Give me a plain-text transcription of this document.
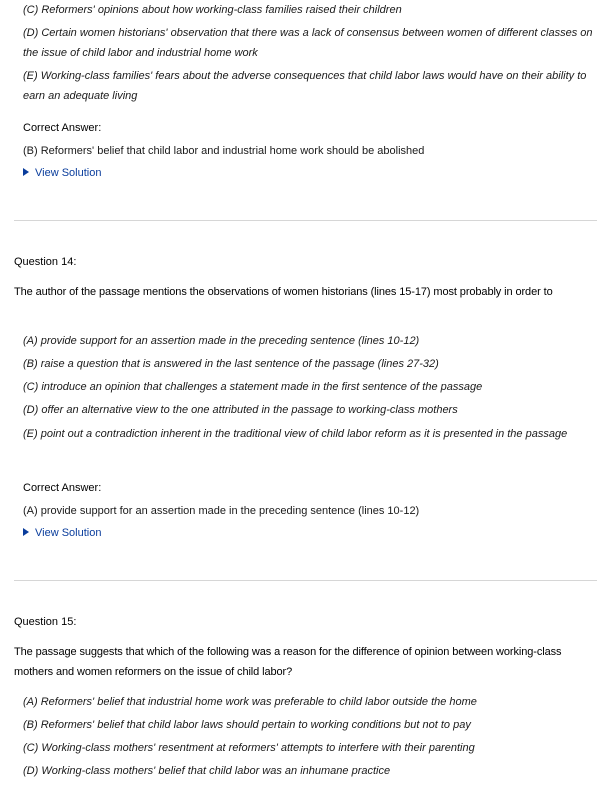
(C) Reformers' opinions about how working-class families raised their children
(D) Certain women historians' observation that there was a lack of consensus between women of different classes on the issue of child labor and industrial home work
(E) Working-class families' fears about the adverse consequences that child labor laws would have on their ability to earn an adequate living
Correct Answer:
(B) Reformers' belief that child labor and industrial home work should be abolished
View Solution
Question 14:
The author of the passage mentions the observations of women historians (lines 15-17) most probably in order to
(A) provide support for an assertion made in the preceding sentence (lines 10-12)
(B) raise a question that is answered in the last sentence of the passage (lines 27-32)
(C) introduce an opinion that challenges a statement made in the first sentence of the passage
(D) offer an alternative view to the one attributed in the passage to working-class mothers
(E) point out a contradiction inherent in the traditional view of child labor reform as it is presented in the passage
Correct Answer:
(A) provide support for an assertion made in the preceding sentence (lines 10-12)
View Solution
Question 15:
The passage suggests that which of the following was a reason for the difference of opinion between working-class mothers and women reformers on the issue of child labor?
(A) Reformers' belief that industrial home work was preferable to child labor outside the home
(B) Reformers' belief that child labor laws should pertain to working conditions but not to pay
(C) Working-class mothers' resentment at reformers' attempts to interfere with their parenting
(D) Working-class mothers' belief that child labor was an inhumane practice
